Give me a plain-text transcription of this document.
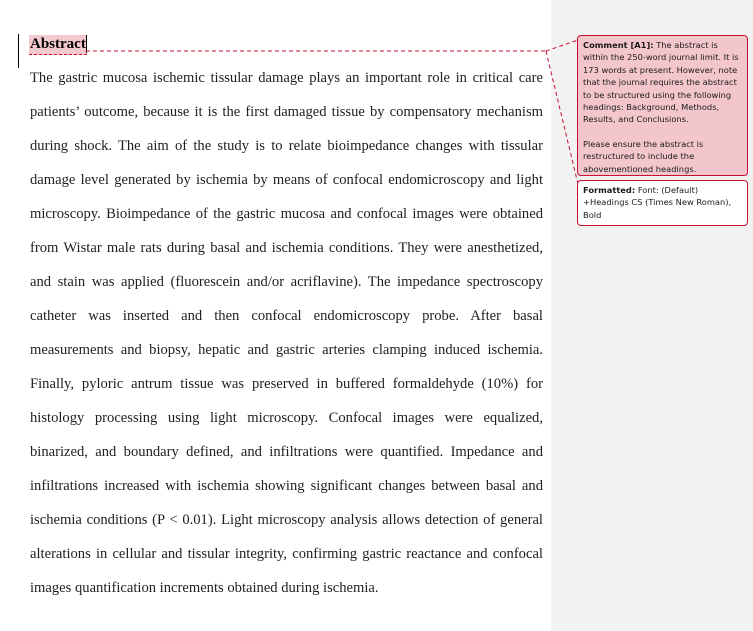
Abstract

The gastric mucosa ischemic tissular damage plays an important role in critical care patients’ outcome, because it is the first damaged tissue by compensatory mechanism during shock. The aim of the study is to relate bioimpedance changes with tissular damage level generated by ischemia by means of confocal endomicroscopy and light microscopy. Bioimpedance of the gastric mucosa and confocal images were obtained from Wistar male rats during basal and ischemia conditions. They were anesthetized, and stain was applied (fluorescein and/or acriflavine). The impedance spectroscopy catheter was inserted and then confocal endomicroscopy probe. After basal measurements and biopsy, hepatic and gastric arteries clamping induced ischemia. Finally, pyloric antrum tissue was preserved in buffered formaldehyde (10%) for histology processing using light microscopy. Confocal images were equalized, binarized, and boundary defined, and infiltrations were quantified. Impedance and infiltrations increased with ischemia showing significant changes between basal and ischemia conditions (P < 0.01). Light microscopy analysis allows detection of general alterations in cellular and tissular integrity, confirming gastric reactance and confocal images quantification increments obtained during ischemia.

Comment [A1]: The abstract is within the 250-word journal limit. It is 173 words at present. However, note that the journal requires the abstract to be structured using the following headings: Background, Methods, Results, and Conclusions.
Please ensure the abstract is restructured to include the abovementioned headings.
Formatted: Font: (Default) +Headings CS (Times New Roman), Bold
